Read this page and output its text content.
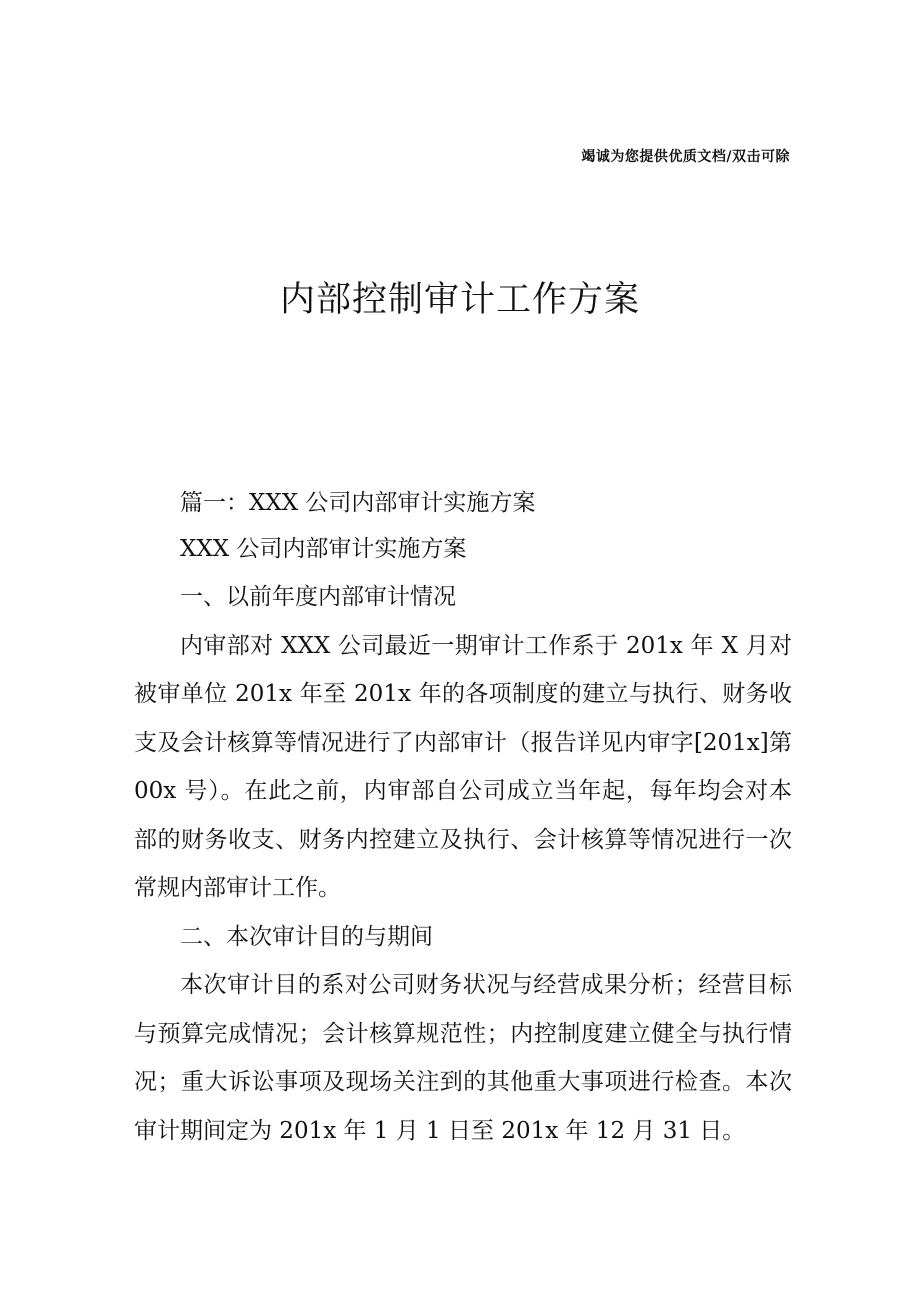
竭诚为您提供优质文档/双击可除
内部控制审计工作方案

篇一：XXX 公司内部审计实施方案

XXX 公司内部审计实施方案

一、以前年度内部审计情况

内审部对 XXX 公司最近一期审计工作系于 201x 年 X 月对被审单位 201x 年至 201x 年的各项制度的建立与执行、财务收支及会计核算等情况进行了内部审计（报告详见内审字[201x]第 00x 号）。在此之前，内审部自公司成立当年起，每年均会对本部的财务收支、财务内控建立及执行、会计核算等情况进行一次常规内部审计工作。

二、本次审计目的与期间

本次审计目的系对公司财务状况与经营成果分析；经营目标与预算完成情况；会计核算规范性；内控制度建立健全与执行情况；重大诉讼事项及现场关注到的其他重大事项进行检查。本次审计期间定为 201x 年 1 月 1 日至 201x 年 12 月 31 日。
